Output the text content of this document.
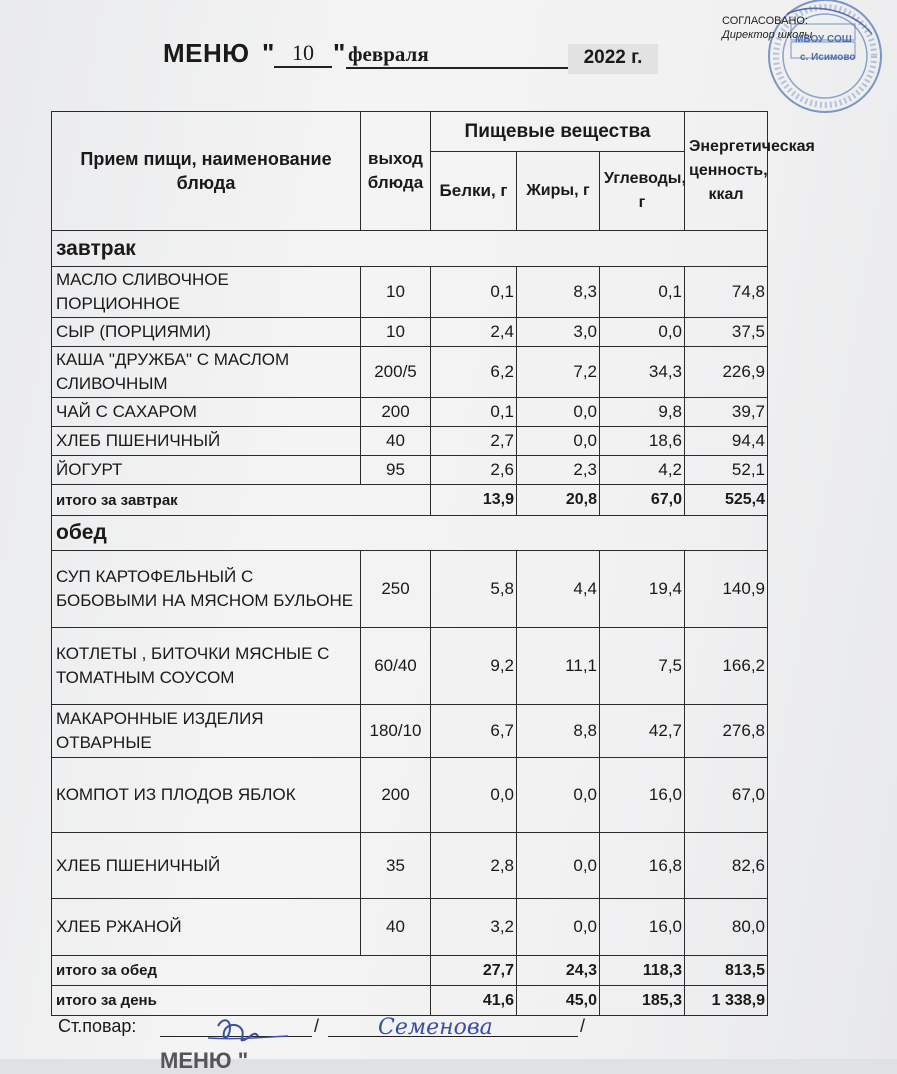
МЕНЮ " 10 " февраля	2022 г.
СОГЛАСОВАНО:
Директор школы
МБОУ СОШ
с. Исимово
Прием пищи, наименование блюда	выход блюда	Пищевые вещества			Энергетическая ценность, ккал
		Белки, г	Жиры, г	Углеводы, г	
завтрак					
МАСЛО СЛИВОЧНОЕ ПОРЦИОННОЕ	10	0,1	8,3	0,1	74,8
СЫР (ПОРЦИЯМИ)	10	2,4	3,0	0,0	37,5
КАША "ДРУЖБА" С МАСЛОМ СЛИВОЧНЫМ	200/5	6,2	7,2	34,3	226,9
ЧАЙ С САХАРОМ	200	0,1	0,0	9,8	39,7
ХЛЕБ ПШЕНИЧНЫЙ	40	2,7	0,0	18,6	94,4
ЙОГУРТ	95	2,6	2,3	4,2	52,1
итого за завтрак		13,9	20,8	67,0	525,4
обед					
СУП КАРТОФЕЛЬНЫЙ С БОБОВЫМИ НА МЯСНОМ БУЛЬОНЕ	250	5,8	4,4	19,4	140,9
КОТЛЕТЫ , БИТОЧКИ МЯСНЫЕ С ТОМАТНЫМ СОУСОМ	60/40	9,2	11,1	7,5	166,2
МАКАРОННЫЕ ИЗДЕЛИЯ ОТВАРНЫЕ	180/10	6,7	8,8	42,7	276,8
КОМПОТ ИЗ ПЛОДОВ ЯБЛОК	200	0,0	0,0	16,0	67,0
ХЛЕБ ПШЕНИЧНЫЙ	35	2,8	0,0	16,8	82,6
ХЛЕБ РЖАНОЙ	40	3,2	0,0	16,0	80,0
итого за обед		27,7	24,3	118,3	813,5
итого за день		41,6	45,0	185,3	1 338,9
Ст.повар:	/	/
Семенова
МЕНЮ "
